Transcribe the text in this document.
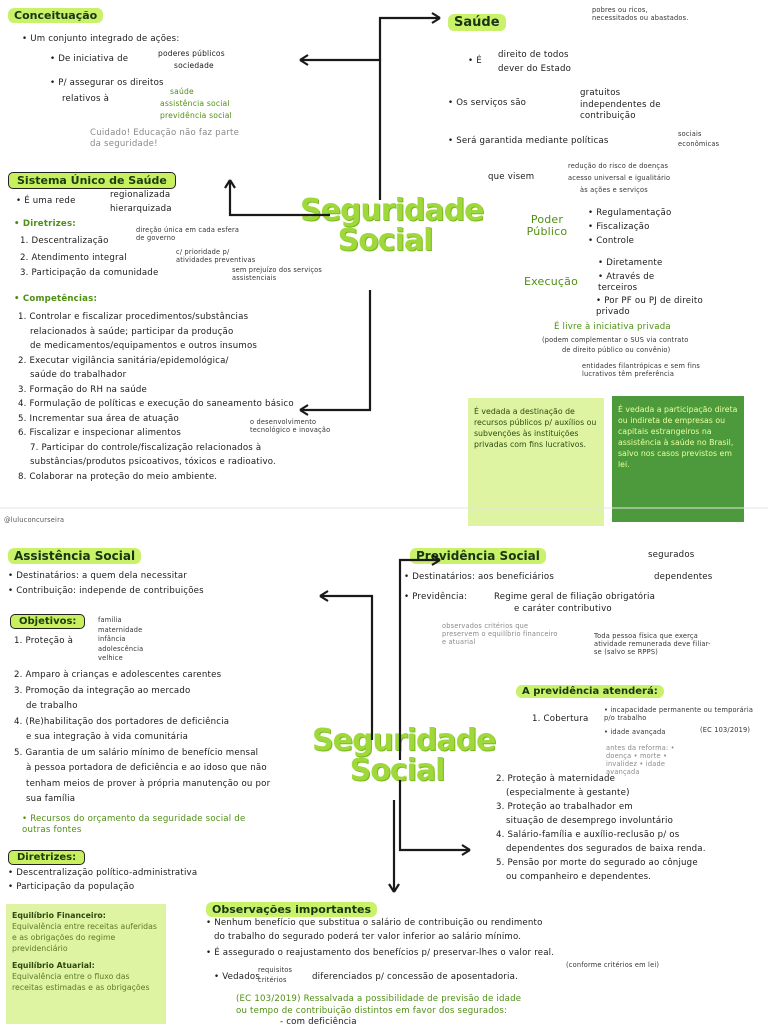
Conceituação
• Um conjunto integrado de ações:
• De iniciativa de
poderes públicos
sociedade
• P/ assegurar os direitos
relativos à
saúde
assistência social
previdência social
Cuidado! Educação não faz parte da seguridade!
Sistema Único de Saúde
• É uma rede
regionalizada
hierarquizada
• Diretrizes:
1. Descentralização
2. Atendimento integral
3. Participação da comunidade
direção única em cada esfera de governo
c/ prioridade p/ atividades preventivas
sem prejuízo dos serviços assistenciais
• Competências:
1. Controlar e fiscalizar procedimentos/substâncias
relacionados à saúde; participar da produção
de medicamentos/equipamentos e outros insumos
2. Executar vigilância sanitária/epidemológica/
saúde do trabalhador
3. Formação do RH na saúde
4. Formulação de políticas e execução do saneamento básico
5. Incrementar sua área de atuação
6. Fiscalizar e inspecionar alimentos
7. Participar do controle/fiscalização relacionados à
substâncias/produtos psicoativos, tóxicos e radioativo.
8. Colaborar na proteção do meio ambiente.
o desenvolvimento tecnológico e inovação
Seguridade
Social
Saúde
pobres ou ricos, necessitados ou abastados.
• É
direito de todos
dever do Estado
• Os serviços são
gratuitos
independentes de contribuição
• Será garantida mediante políticas
sociais
econômicas
que visem
redução do risco de doenças
acesso universal e igualitário
às ações e serviços
Poder Público
• Regulamentação
• Fiscalização
• Controle
Execução
• Diretamente
• Através de terceiros
• Por PF ou PJ de direito privado
É livre à iniciativa privada
(podem complementar o SUS via contrato
de direito público ou convênio)
entidades filantrópicas e sem fins lucrativos têm preferência
É vedada a destinação de recursos públicos p/ auxílios ou subvenções às instituições privadas com fins lucrativos.
É vedada a participação direta ou indireta de empresas ou capitais estrangeiros na assistência à saúde no Brasil, salvo nos casos previstos em lei.
@luluconcurseira
Assistência Social
• Destinatários: a quem dela necessitar
• Contribuição: independe de contribuições
Objetivos:
1. Proteção à
família
maternidade
infância
adolescência
velhice
2. Amparo à crianças e adolescentes carentes
3. Promoção da integração ao mercado
de trabalho
4. (Re)habilitação dos portadores de deficiência
e sua integração à vida comunitária
5. Garantia de um salário mínimo de benefício mensal
à pessoa portadora de deficiência e ao idoso que não
tenham meios de prover à própria manutenção ou por
sua família
• Recursos do orçamento da seguridade social de outras fontes
Diretrizes:
• Descentralização político-administrativa
• Participação da população
Seguridade
Social
Previdência Social
• Destinatários: aos beneficiários
segurados
dependentes
• Previdência:	Regime geral de filiação obrigatória
e caráter contributivo
observados critérios que preservem o equilíbrio financeiro e atuarial
Toda pessoa física que exerça atividade remunerada deve filiar-se (salvo se RPPS)
A previdência atenderá:
1. Cobertura
• incapacidade permanente ou temporária p/o trabalho
• idade avançada	(EC 103/2019)
antes da reforma: • doença • morte • invalidez • idade avançada
2. Proteção à maternidade
(especialmente à gestante)
3. Proteção ao trabalhador em
situação de desemprego involuntário
4. Salário-família e auxílio-reclusão p/ os
dependentes dos segurados de baixa renda.
5. Pensão por morte do segurado ao cônjuge
ou companheiro e dependentes.
Equilíbrio Financeiro:
Equivalência entre receitas auferidas e as obrigações do regime previdenciário
Equilíbrio Atuarial:
Equivalência entre o fluxo das receitas estimadas e as obrigações
Observações importantes
• Nenhum benefício que substitua o salário de contribuição ou rendimento
do trabalho do segurado poderá ter valor inferior ao salário mínimo.
• É assegurado o reajustamento dos benefícios p/ preservar-lhes o valor real.
(conforme critérios em lei)
• Vedados
requisitos
critérios	diferenciados p/ concessão de aposentadoria.
(EC 103/2019) Ressalvada a possibilidade de previsão de idade
ou tempo de contribuição distintos em favor dos segurados:
- com deficiência
